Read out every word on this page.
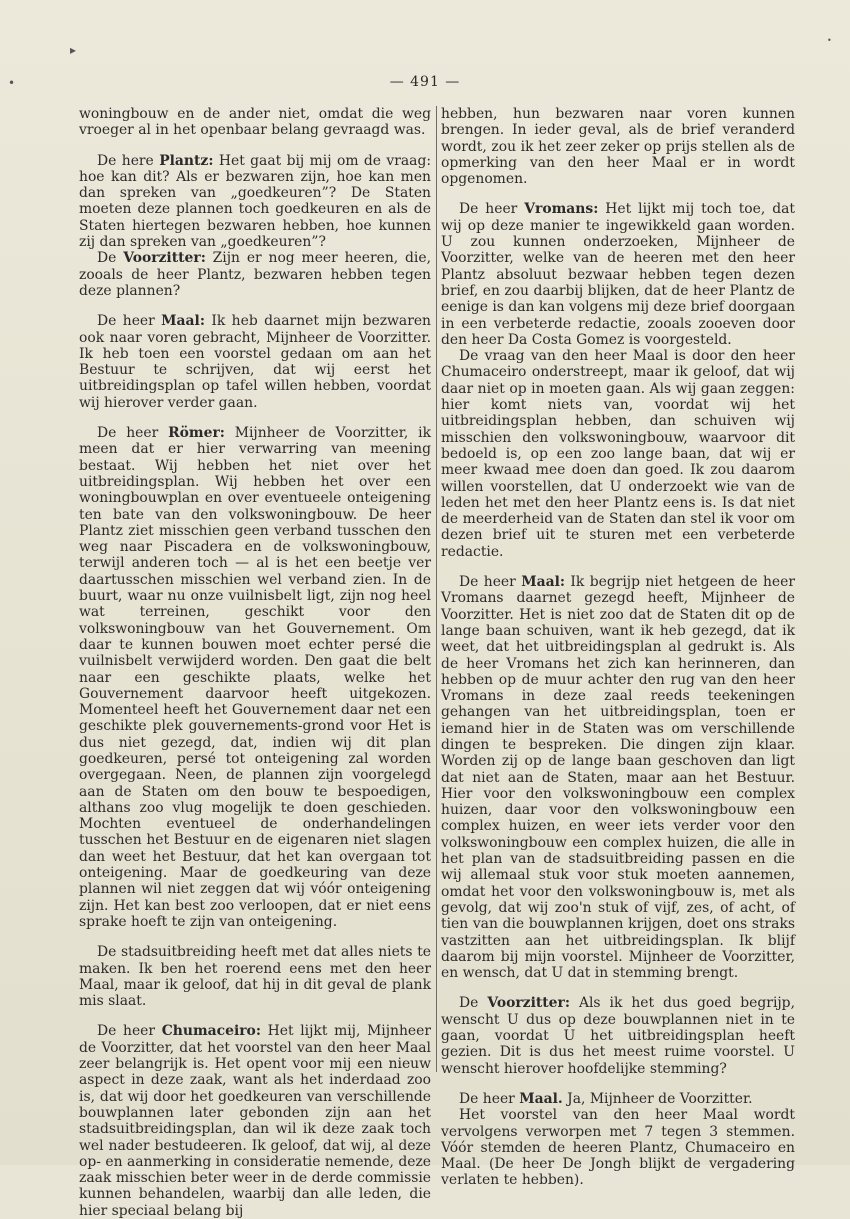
▸
•
•
— 491 —

woningbouw en de ander niet, omdat die weg vroeger al in het openbaar belang gevraagd was.

De here Plantz: Het gaat bij mij om de vraag: hoe kan dit? Als er bezwaren zijn, hoe kan men dan spreken van „goedkeuren”? De Staten moeten deze plannen toch goedkeuren en als de Staten hiertegen bezwaren hebben, hoe kunnen zij dan spreken van „goedkeuren”?

De Voorzitter: Zijn er nog meer heeren, die, zooals de heer Plantz, bezwaren hebben tegen deze plannen?

De heer Maal: Ik heb daarnet mijn bezwaren ook naar voren gebracht, Mijnheer de Voorzitter. Ik heb toen een voorstel gedaan om aan het Bestuur te schrijven, dat wij eerst het uitbreidingsplan op tafel willen hebben, voordat wij hierover verder gaan.

De heer Römer: Mijnheer de Voorzitter, ik meen dat er hier verwarring van meening bestaat. Wij hebben het niet over het uitbreidingsplan. Wij hebben het over een woningbouwplan en over eventueele onteigening ten bate van den volkswoningbouw. De heer Plantz ziet misschien geen verband tusschen den weg naar Piscadera en de volkswoningbouw, terwijl anderen toch — al is het een beetje ver daartusschen misschien wel verband zien. In de buurt, waar nu onze vuilnisbelt ligt, zijn nog heel wat terreinen, geschikt voor den volkswoningbouw van het Gouvernement. Om daar te kunnen bouwen moet echter persé die vuilnisbelt verwijderd worden. Den gaat die belt naar een geschikte plaats, welke het Gouvernement daarvoor heeft uitgekozen. Momenteel heeft het Gouvernement daar net een geschikte plek gouvernements-grond voor Het is dus niet gezegd, dat, indien wij dit plan goedkeuren, persé tot onteigening zal worden overgegaan. Neen, de plannen zijn voorgelegd aan de Staten om den bouw te bespoedigen, althans zoo vlug mogelijk te doen geschieden. Mochten eventueel de onderhandelingen tusschen het Bestuur en de eigenaren niet slagen dan weet het Bestuur, dat het kan overgaan tot onteigening. Maar de goedkeuring van deze plannen wil niet zeggen dat wij vóór onteigening zijn. Het kan best zoo verloopen, dat er niet eens sprake hoeft te zijn van onteigening.

De stadsuitbreiding heeft met dat alles niets te maken. Ik ben het roerend eens met den heer Maal, maar ik geloof, dat hij in dit geval de plank mis slaat.

De heer Chumaceiro: Het lijkt mij, Mijnheer de Voorzitter, dat het voorstel van den heer Maal zeer belangrijk is. Het opent voor mij een nieuw aspect in deze zaak, want als het inderdaad zoo is, dat wij door het goedkeuren van verschillende bouwplannen later gebonden zijn aan het stadsuitbreidingsplan, dan wil ik deze zaak toch wel nader bestudeeren. Ik geloof, dat wij, al deze op- en aanmerking in consideratie nemende, deze zaak misschien beter weer in de derde commissie kunnen behandelen, waarbij dan alle leden, die hier speciaal belang bij

hebben, hun bezwaren naar voren kunnen brengen. In ieder geval, als de brief veranderd wordt, zou ik het zeer zeker op prijs stellen als de opmerking van den heer Maal er in wordt opgenomen.

De heer Vromans: Het lijkt mij toch toe, dat wij op deze manier te ingewikkeld gaan worden. U zou kunnen onderzoeken, Mijnheer de Voorzitter, welke van de heeren met den heer Plantz absoluut bezwaar hebben tegen dezen brief, en zou daarbij blijken, dat de heer Plantz de eenige is dan kan volgens mij deze brief doorgaan in een verbeterde redactie, zooals zooeven door den heer Da Costa Gomez is voorgesteld.

De vraag van den heer Maal is door den heer Chumaceiro onderstreept, maar ik geloof, dat wij daar niet op in moeten gaan. Als wij gaan zeggen: hier komt niets van, voordat wij het uitbreidingsplan hebben, dan schuiven wij misschien den volkswoningbouw, waarvoor dit bedoeld is, op een zoo lange baan, dat wij er meer kwaad mee doen dan goed. Ik zou daarom willen voorstellen, dat U onderzoekt wie van de leden het met den heer Plantz eens is. Is dat niet de meerderheid van de Staten dan stel ik voor om dezen brief uit te sturen met een verbeterde redactie.

De heer Maal: Ik begrijp niet hetgeen de heer Vromans daarnet gezegd heeft, Mijnheer de Voorzitter. Het is niet zoo dat de Staten dit op de lange baan schuiven, want ik heb gezegd, dat ik weet, dat het uitbreidingsplan al gedrukt is. Als de heer Vromans het zich kan herinneren, dan hebben op de muur achter den rug van den heer Vromans in deze zaal reeds teekeningen gehangen van het uitbreidingsplan, toen er iemand hier in de Staten was om verschillende dingen te bespreken. Die dingen zijn klaar. Worden zij op de lange baan geschoven dan ligt dat niet aan de Staten, maar aan het Bestuur. Hier voor den volkswoningbouw een complex huizen, daar voor den volkswoningbouw een complex huizen, en weer iets verder voor den volkswoningbouw een complex huizen, die alle in het plan van de stadsuitbreiding passen en die wij allemaal stuk voor stuk moeten aannemen, omdat het voor den volkswoningbouw is, met als gevolg, dat wij zoo'n stuk of vijf, zes, of acht, of tien van die bouwplannen krijgen, doet ons straks vastzitten aan het uitbreidingsplan. Ik blijf daarom bij mijn voorstel. Mijnheer de Voorzitter, en wensch, dat U dat in stemming brengt.

De Voorzitter: Als ik het dus goed begrijp, wenscht U dus op deze bouwplannen niet in te gaan, voordat U het uitbreidingsplan heeft gezien. Dit is dus het meest ruime voorstel. U wenscht hierover hoofdelijke stemming?

De heer Maal. Ja, Mijnheer de Voorzitter.

Het voorstel van den heer Maal wordt vervolgens verworpen met 7 tegen 3 stemmen. Vóór stemden de heeren Plantz, Chumaceiro en Maal. (De heer De Jongh blijkt de vergadering verlaten te hebben).
